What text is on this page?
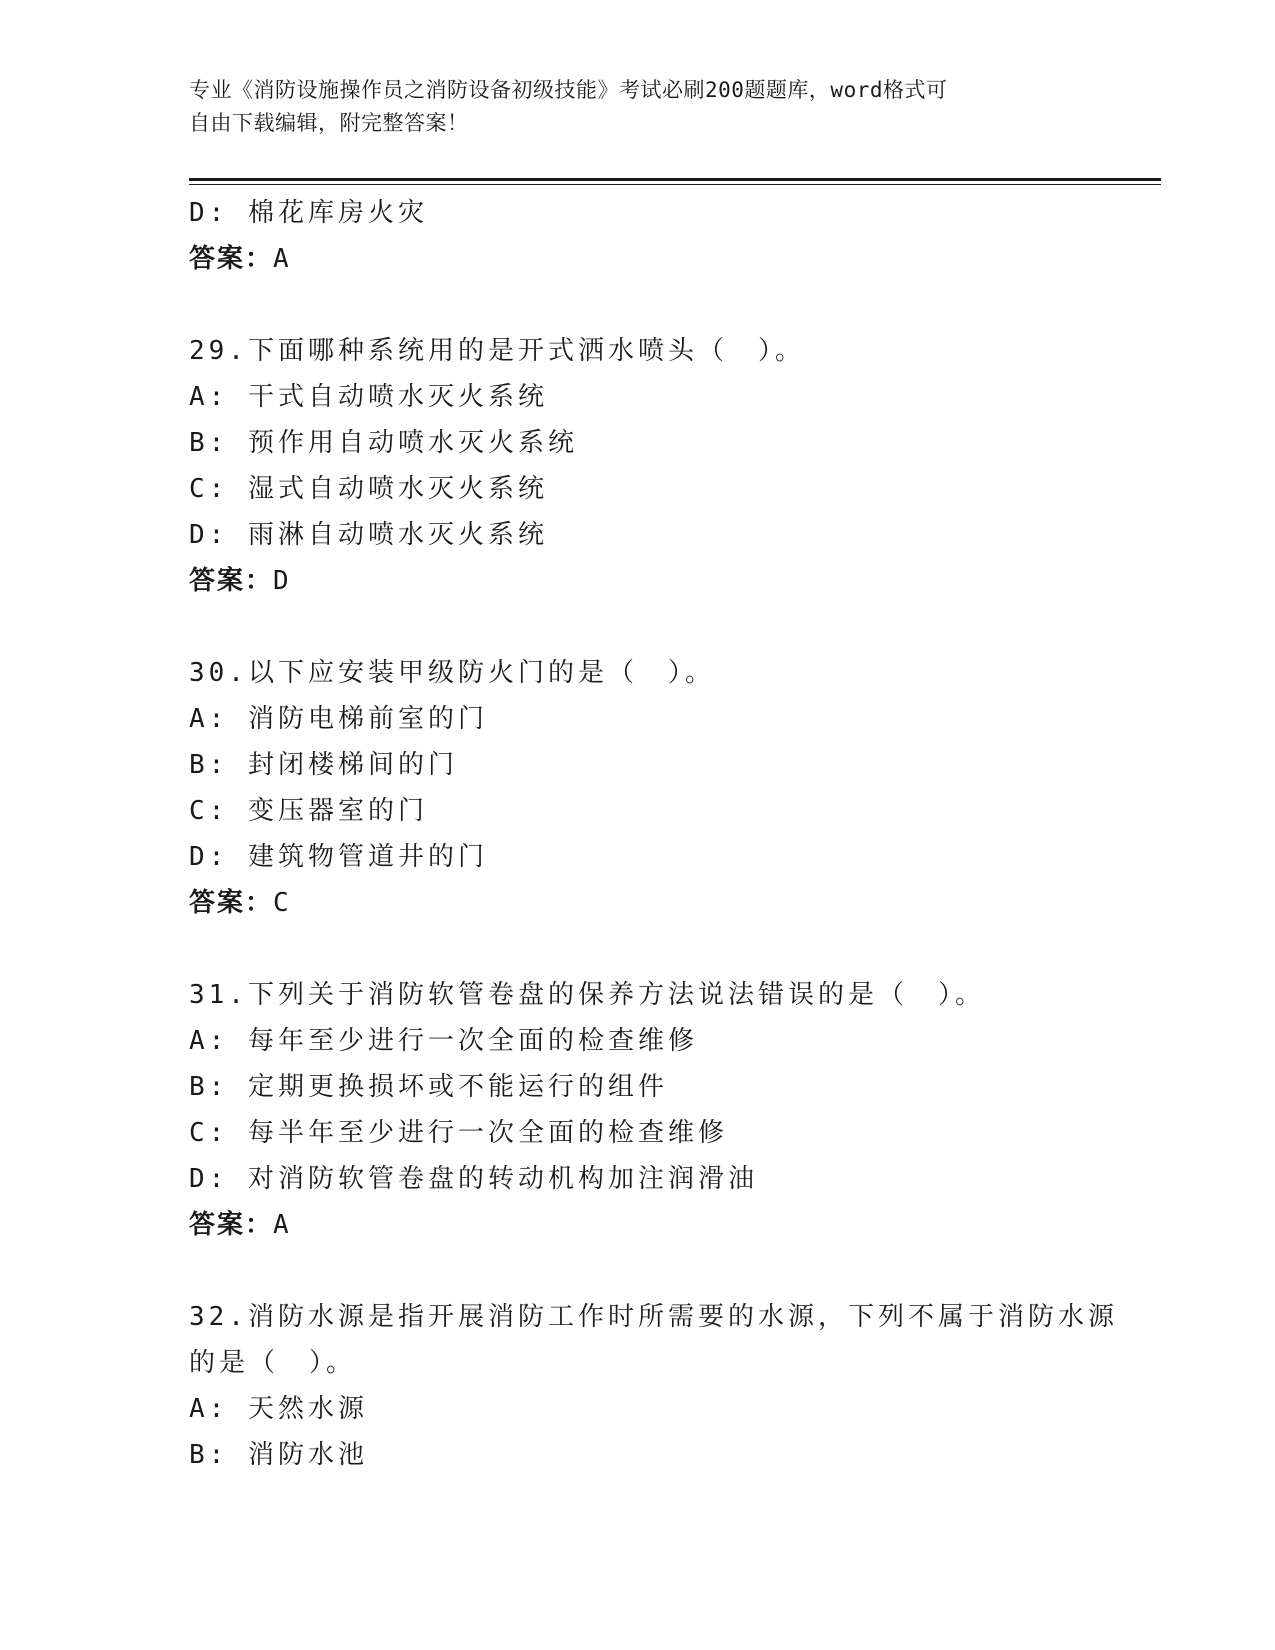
专业《消防设施操作员之消防设备初级技能》考试必刷200题题库，word格式可
自由下载编辑，附完整答案！
D: 棉花库房火灾
答案：A
29.下面哪种系统用的是开式洒水喷头（　）。
A: 干式自动喷水灭火系统
B: 预作用自动喷水灭火系统
C: 湿式自动喷水灭火系统
D: 雨淋自动喷水灭火系统
答案：D
30.以下应安装甲级防火门的是（　）。
A: 消防电梯前室的门
B: 封闭楼梯间的门
C: 变压器室的门
D: 建筑物管道井的门
答案：C
31.下列关于消防软管卷盘的保养方法说法错误的是（　）。
A: 每年至少进行一次全面的检查维修
B: 定期更换损坏或不能运行的组件
C: 每半年至少进行一次全面的检查维修
D: 对消防软管卷盘的转动机构加注润滑油
答案：A
32.消防水源是指开展消防工作时所需要的水源，下列不属于消防水源
的是（　）。
A: 天然水源
B: 消防水池
